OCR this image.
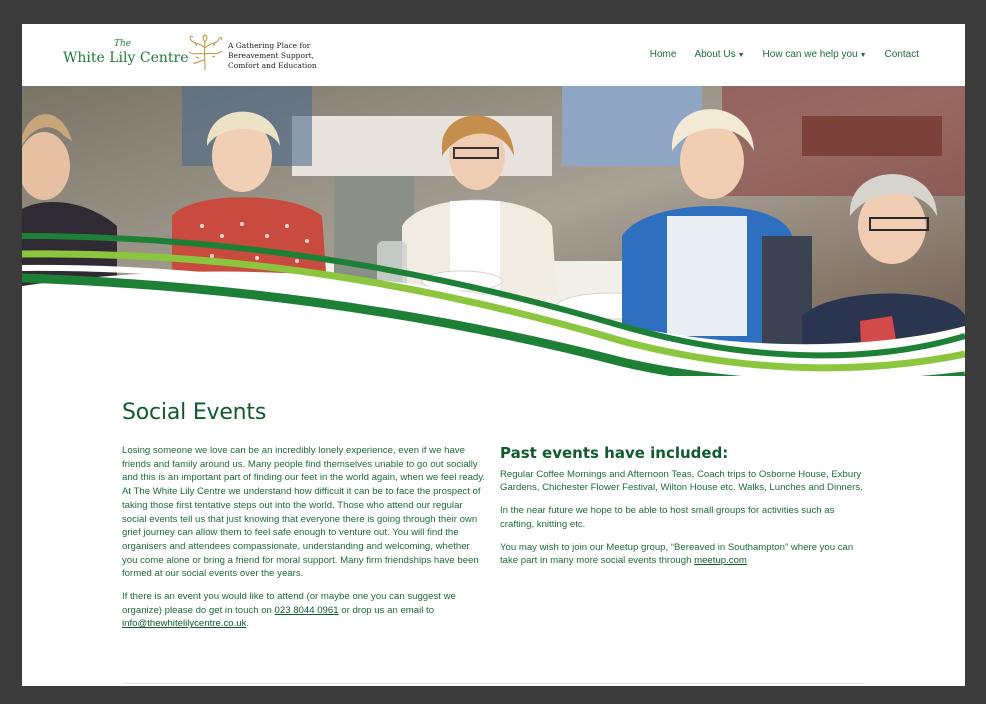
The
White Lily Centre
A Gathering Place for
Bereavement Support,
Comfort and Education
Home About Us ▼ How can we help you ▼ Contact
Social Events

Losing someone we love can be an incredibly lonely experience, even if we have friends and family around us. Many people find themselves unable to go out socially and this is an important part of finding our feet in the world again, when we feel ready. At The White Lily Centre we understand how difficult it can be to face the prospect of taking those first tentative steps out into the world. Those who attend our regular social events tell us that just knowing that everyone there is going through their own grief journey can allow them to feel safe enough to venture out. You will find the organisers and attendees compassionate, understanding and welcoming, whether you come alone or bring a friend for moral support. Many firm friendships have been formed at our social events over the years.

If there is an event you would like to attend (or maybe one you can suggest we organize) please do get in touch on 023 8044 0961 or drop us an email to info@thewhitelilycentre.co.uk.

Past events have included:

Regular Coffee Mornings and Afternoon Teas, Coach trips to Osborne House, Exbury Gardens, Chichester Flower Festival, Wilton House etc. Walks, Lunches and Dinners.

In the near future we hope to be able to host small groups for activities such as crafting, knitting etc.

You may wish to join our Meetup group, “Bereaved in Southampton” where you can take part in many more social events through meetup.com
